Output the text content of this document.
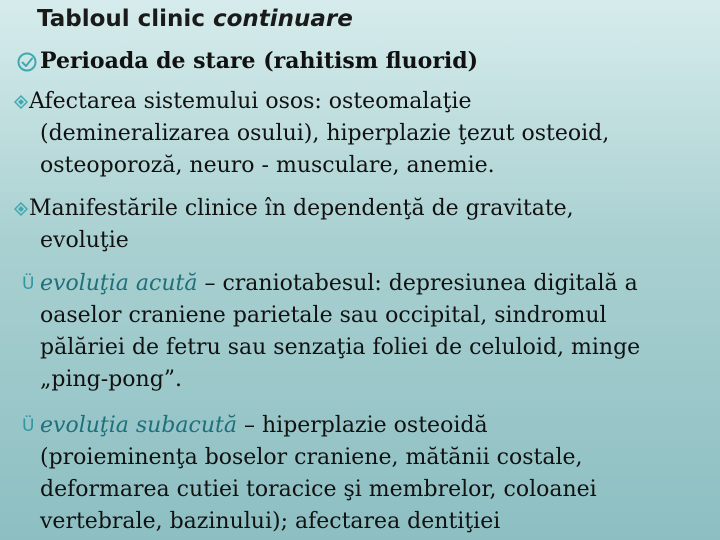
Tabloul clinic continuare
Perioada de stare (rahitism fluorid)
Afectarea sistemului osos: osteomalaţie
(demineralizarea osului), hiperplazie ţezut osteoid,
osteoporoză, neuro - musculare, anemie.
Manifestările clinice în dependenţă de gravitate,
evoluţie
Ü evoluţia acută – craniotabesul: depresiunea digitală a
oaselor craniene parietale sau occipital, sindromul
pălăriei de fetru sau senzaţia foliei de celuloid, minge
„ping-pong”.
Ü evoluţia subacută – hiperplazie osteoidă
(proieminenţa boselor craniene, mătănii costale,
deformarea cutiei toracice şi membrelor, coloanei
vertebrale, bazinului); afectarea dentiţiei
